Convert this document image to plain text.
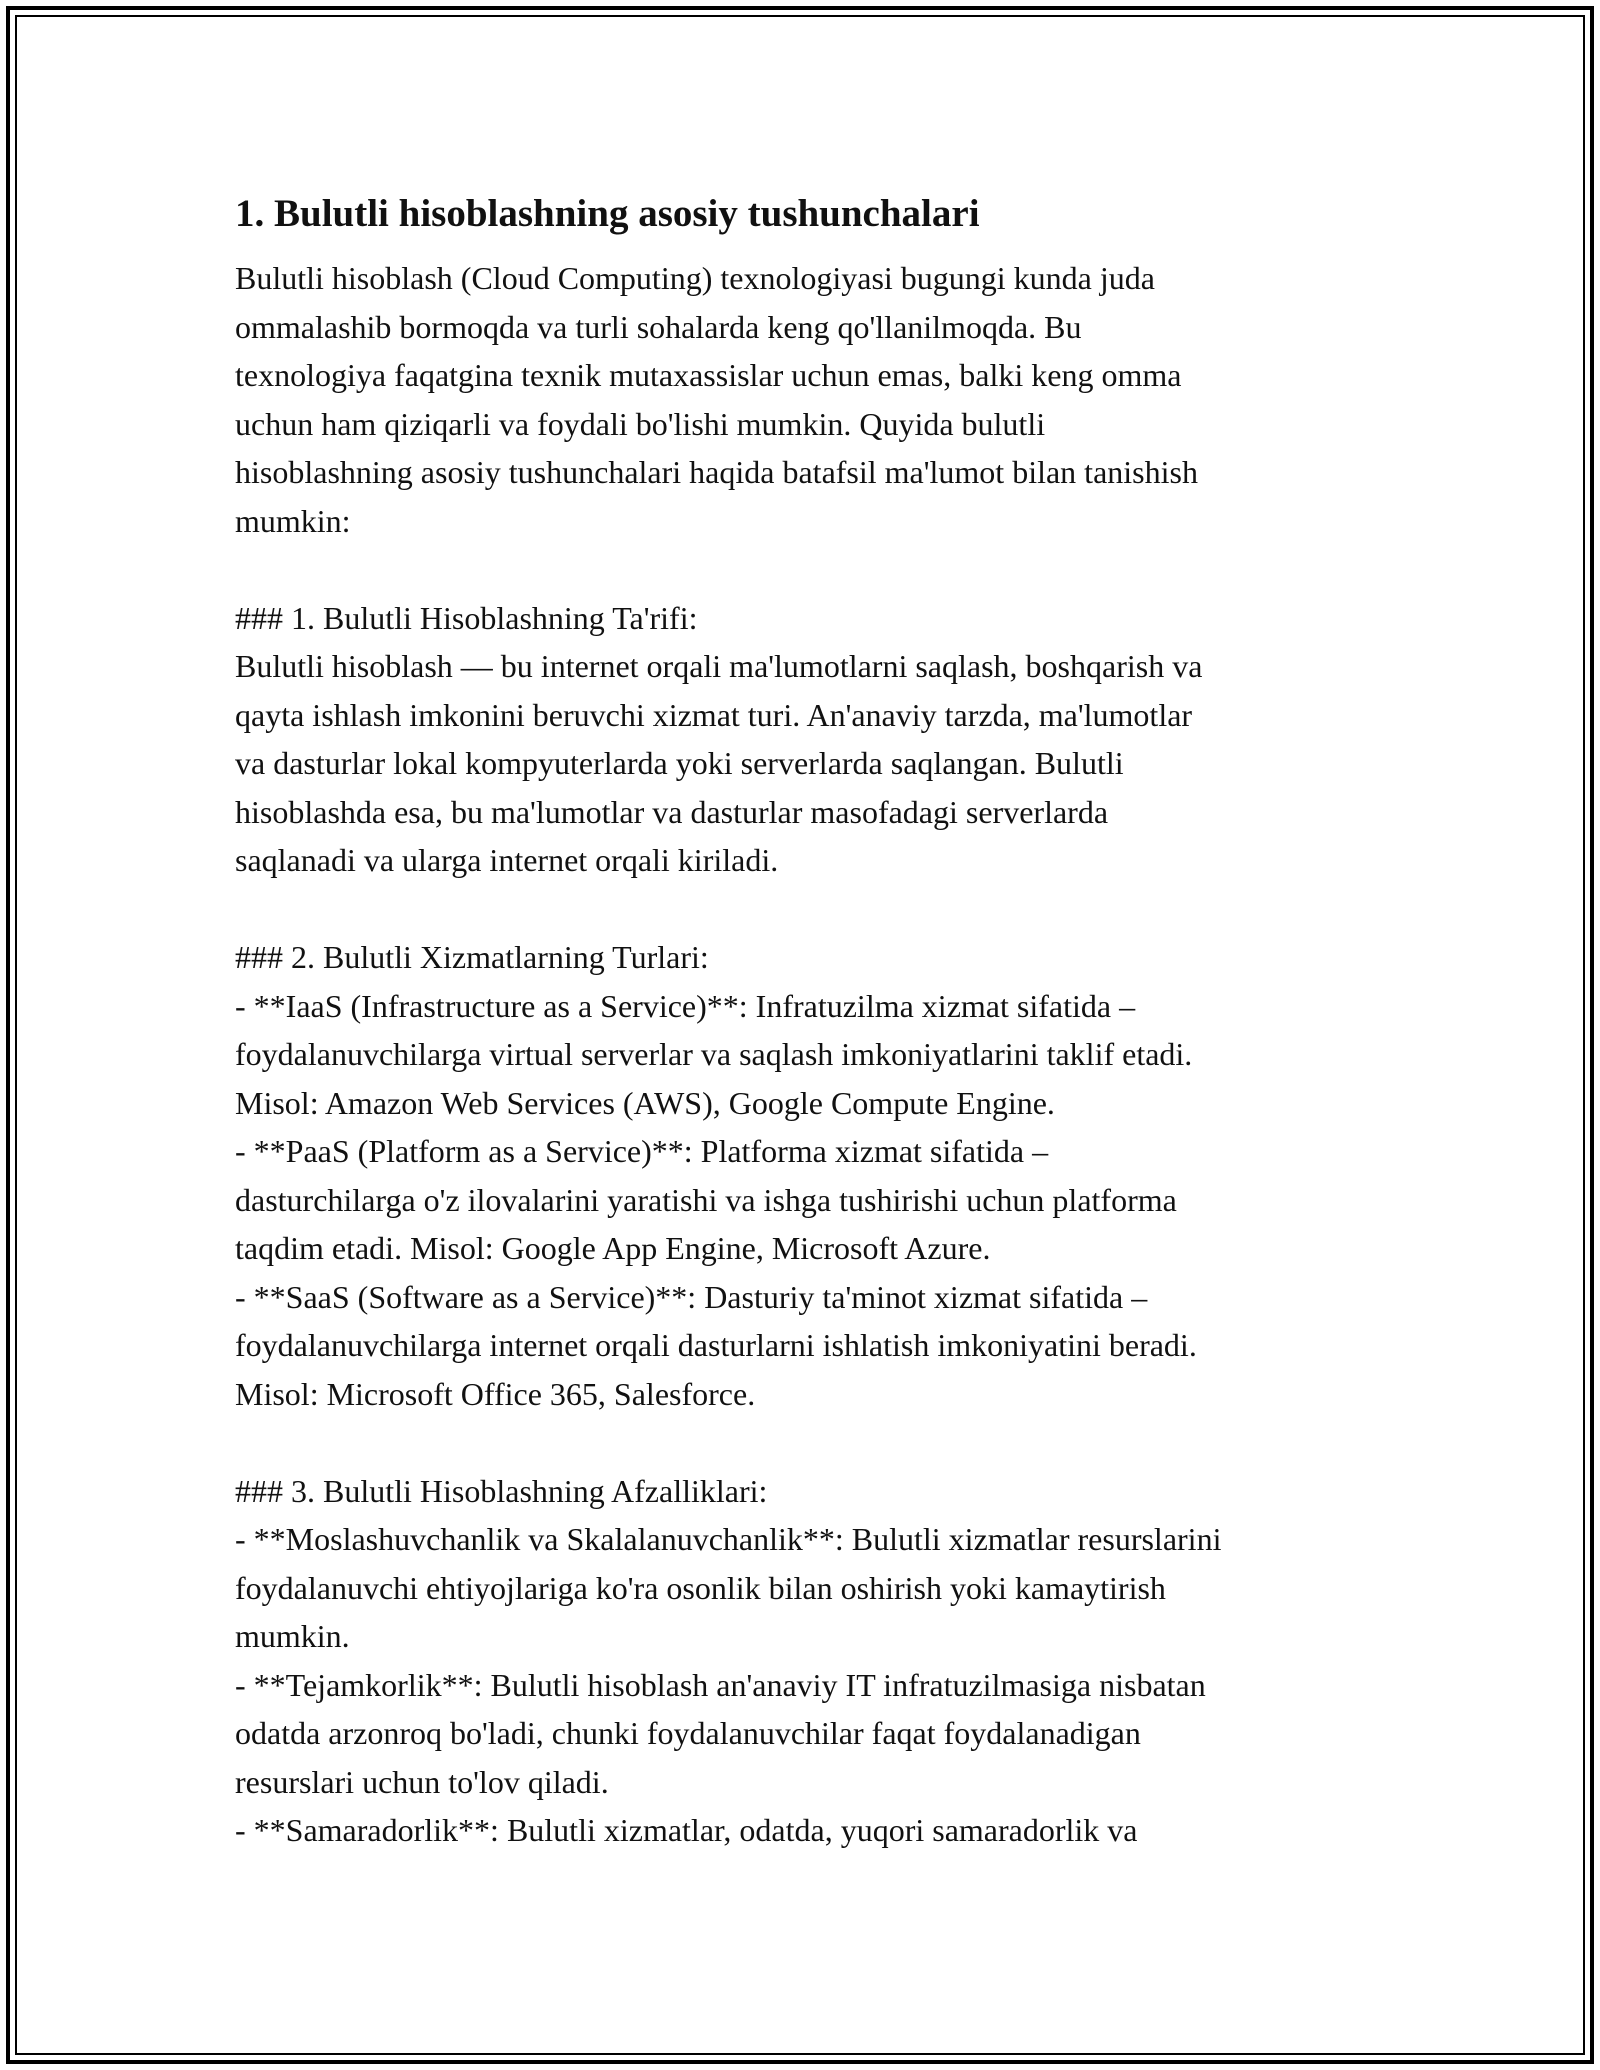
1. Bulutli hisoblashning asosiy tushunchalari

Bulutli hisoblash (Cloud Computing) texnologiyasi bugungi kunda juda

ommalashib bormoqda va turli sohalarda keng qo'llanilmoqda. Bu

texnologiya faqatgina texnik mutaxassislar uchun emas, balki keng omma

uchun ham qiziqarli va foydali bo'lishi mumkin. Quyida bulutli

hisoblashning asosiy tushunchalari haqida batafsil ma'lumot bilan tanishish

mumkin:

### 1. Bulutli Hisoblashning Ta'rifi:

Bulutli hisoblash — bu internet orqali ma'lumotlarni saqlash, boshqarish va

qayta ishlash imkonini beruvchi xizmat turi. An'anaviy tarzda, ma'lumotlar

va dasturlar lokal kompyuterlarda yoki serverlarda saqlangan. Bulutli

hisoblashda esa, bu ma'lumotlar va dasturlar masofadagi serverlarda

saqlanadi va ularga internet orqali kiriladi.

### 2. Bulutli Xizmatlarning Turlari:

- **IaaS (Infrastructure as a Service)**: Infratuzilma xizmat sifatida –

foydalanuvchilarga virtual serverlar va saqlash imkoniyatlarini taklif etadi.

Misol: Amazon Web Services (AWS), Google Compute Engine.

- **PaaS (Platform as a Service)**: Platforma xizmat sifatida –

dasturchilarga o'z ilovalarini yaratishi va ishga tushirishi uchun platforma

taqdim etadi. Misol: Google App Engine, Microsoft Azure.

- **SaaS (Software as a Service)**: Dasturiy ta'minot xizmat sifatida –

foydalanuvchilarga internet orqali dasturlarni ishlatish imkoniyatini beradi.

Misol: Microsoft Office 365, Salesforce.

### 3. Bulutli Hisoblashning Afzalliklari:

- **Moslashuvchanlik va Skalalanuvchanlik**: Bulutli xizmatlar resurslarini

foydalanuvchi ehtiyojlariga ko'ra osonlik bilan oshirish yoki kamaytirish

mumkin.

- **Tejamkorlik**: Bulutli hisoblash an'anaviy IT infratuzilmasiga nisbatan

odatda arzonroq bo'ladi, chunki foydalanuvchilar faqat foydalanadigan

resurslari uchun to'lov qiladi.

- **Samaradorlik**: Bulutli xizmatlar, odatda, yuqori samaradorlik va
